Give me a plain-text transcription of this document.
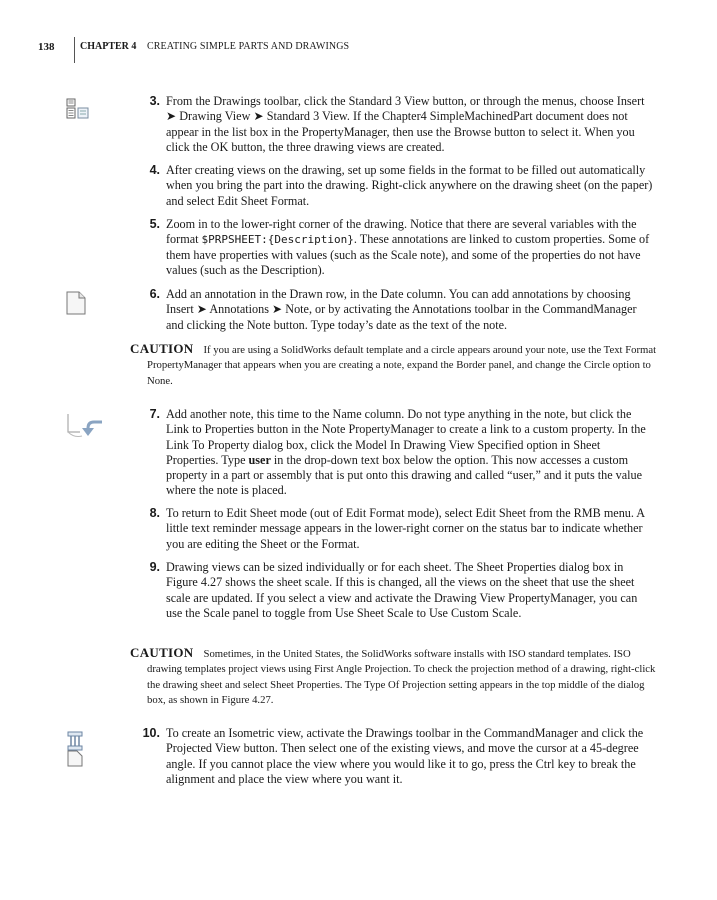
138	CHAPTER 4 CREATING SIMPLE PARTS AND DRAWINGS
3. From the Drawings toolbar, click the Standard 3 View button, or through the menus, choose Insert ➤ Drawing View ➤ Standard 3 View. If the Chapter4 SimpleMachinedPart document does not appear in the list box in the PropertyManager, then use the Browse button to select it. When you click the OK button, the three drawing views are created.
4. After creating views on the drawing, set up some fields in the format to be filled out automatically when you bring the part into the drawing. Right-click anywhere on the drawing sheet (on the paper) and select Edit Sheet Format.
5. Zoom in to the lower-right corner of the drawing. Notice that there are several variables with the format $PRPSHEET:{Description}. These annotations are linked to custom properties. Some of them have properties with values (such as the Scale note), and some of the properties do not have values (such as the Description).
6. Add an annotation in the Drawn row, in the Date column. You can add annotations by choosing Insert ➤ Annotations ➤ Note, or by activating the Annotations toolbar in the CommandManager and clicking the Note button. Type today’s date as the text of the note.

CAUTION If you are using a SolidWorks default template and a circle appears around your note, use the Text Format PropertyManager that appears when you are creating a note, expand the Border panel, and change the Circle option to None.

7. Add another note, this time to the Name column. Do not type anything in the note, but click the Link to Properties button in the Note PropertyManager to create a link to a custom property. In the Link To Property dialog box, click the Model In Drawing View Specified option in Sheet Properties. Type user in the drop-down text box below the option. This now accesses a custom property in a part or assembly that is put onto this drawing and called “user,” and it puts the value where the note is placed.
8. To return to Edit Sheet mode (out of Edit Format mode), select Edit Sheet from the RMB menu. A little text reminder message appears in the lower-right corner on the status bar to indicate whether you are editing the Sheet or the Format.
9. Drawing views can be sized individually or for each sheet. The Sheet Properties dialog box in Figure 4.27 shows the sheet scale. If this is changed, all the views on the sheet that use the sheet scale are updated. If you select a view and activate the Drawing View PropertyManager, you can use the Scale panel to toggle from Use Sheet Scale to Use Custom Scale.

CAUTION Sometimes, in the United States, the SolidWorks software installs with ISO standard templates. ISO drawing templates project views using First Angle Projection. To check the projection method of a drawing, right-click the drawing sheet and select Sheet Properties. The Type Of Projection setting appears in the top middle of the dialog box, as shown in Figure 4.27.

10. To create an Isometric view, activate the Drawings toolbar in the CommandManager and click the Projected View button. Then select one of the existing views, and move the cursor at a 45-degree angle. If you cannot place the view where you would like it to go, press the Ctrl key to break the alignment and place the view where you want it.
